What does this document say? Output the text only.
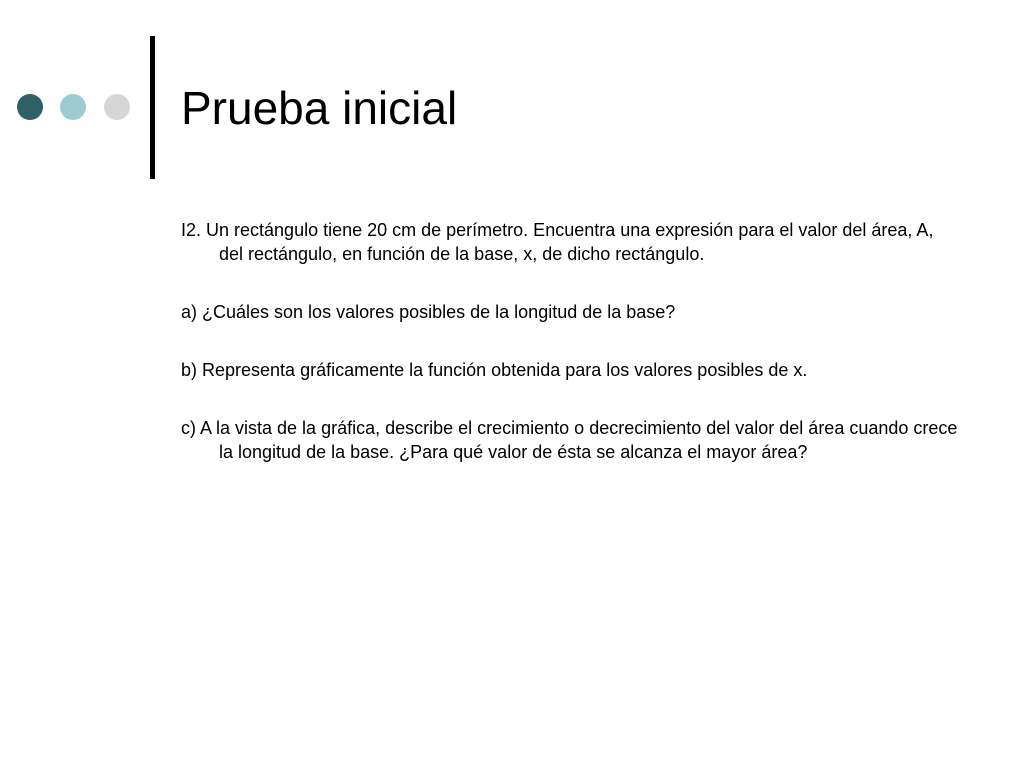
Prueba inicial

I2. Un rectángulo tiene 20 cm de perímetro. Encuentra una expresión para el valor del área, A, del rectángulo, en función de la base, x, de dicho rectángulo.

a) ¿Cuáles son los valores posibles de la longitud de la base?

b) Representa gráficamente la función obtenida para los valores posibles de x.

c) A la vista de la gráfica, describe el crecimiento o decrecimiento del valor del área cuando crece la longitud de la base. ¿Para qué valor de ésta se alcanza el mayor área?
